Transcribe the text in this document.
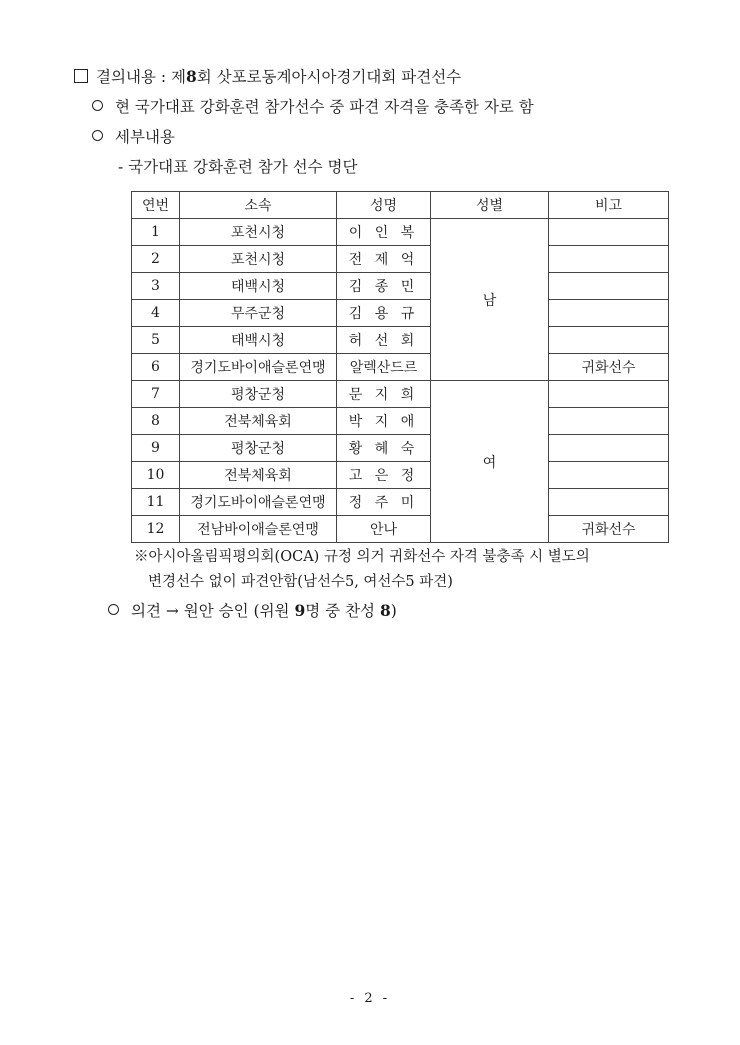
결의내용 : 제8회 삿포로동계아시아경기대회 파견선수
현 국가대표 강화훈련 참가선수 중 파견 자격을 충족한 자로 함
세부내용
- 국가대표 강화훈련 참가 선수 명단
연번	소속	성명	성별	비고
1	포천시청	이 인 복	남	
2	포천시청	전 제 억		
3	태백시청	김 종 민		
4	무주군청	김 용 규		
5	태백시청	허 선 회		
6	경기도바이애슬론연맹	알렉산드르		귀화선수
7	평창군청	문 지 희	여	
8	전북체육회	박 지 애		
9	평창군청	황 혜 숙		
10	전북체육회	고 은 정		
11	경기도바이애슬론연맹	정 주 미		
12	전남바이애슬론연맹	안나		귀화선수
※아시아올림픽평의회(OCA) 규정 의거 귀화선수 자격 불충족 시 별도의
변경선수 없이 파견안함(남선수5, 여선수5 파견)
의견 → 원안 승인 (위원 9명 중 찬성 8)
- 2 -
